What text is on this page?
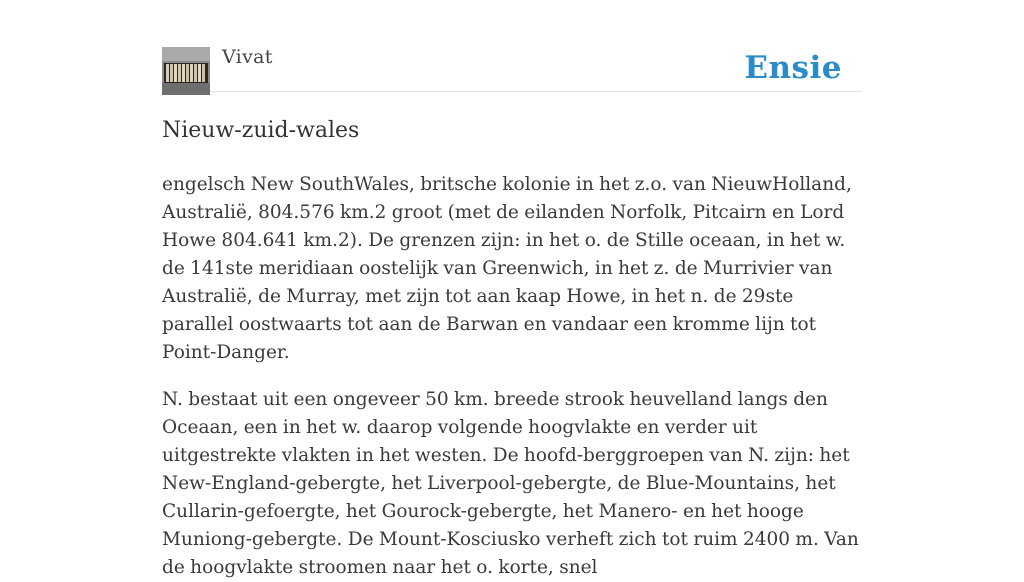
Vivat	Ensie
Nieuw-zuid-wales

engelsch New SouthWales, britsche kolonie in het z.o. van NieuwHolland, Australië, 804.576 km.2 groot (met de eilanden Norfolk, Pitcairn en Lord Howe 804.641 km.2). De grenzen zijn: in het o. de Stille oceaan, in het w. de 141ste meridiaan oostelijk van Greenwich, in het z. de Murrivier van Australië, de Murray, met zijn tot aan kaap Howe, in het n. de 29ste parallel oostwaarts tot aan de Barwan en vandaar een kromme lijn tot Point-Danger.

N. bestaat uit een ongeveer 50 km. breede strook heuvelland langs den Oceaan, een in het w. daarop volgende hoogvlakte en verder uit uitgestrekte vlakten in het westen. De hoofd-berggroepen van N. zijn: het New-England-gebergte, het Liverpool-gebergte, de Blue-Mountains, het Cullarin-gefoergte, het Gourock-gebergte, het Manero- en het hooge Muniong-gebergte. De Mount-Kosciusko verheft zich tot ruim 2400 m. Van de hoogvlakte stroomen naar het o. korte, snel
